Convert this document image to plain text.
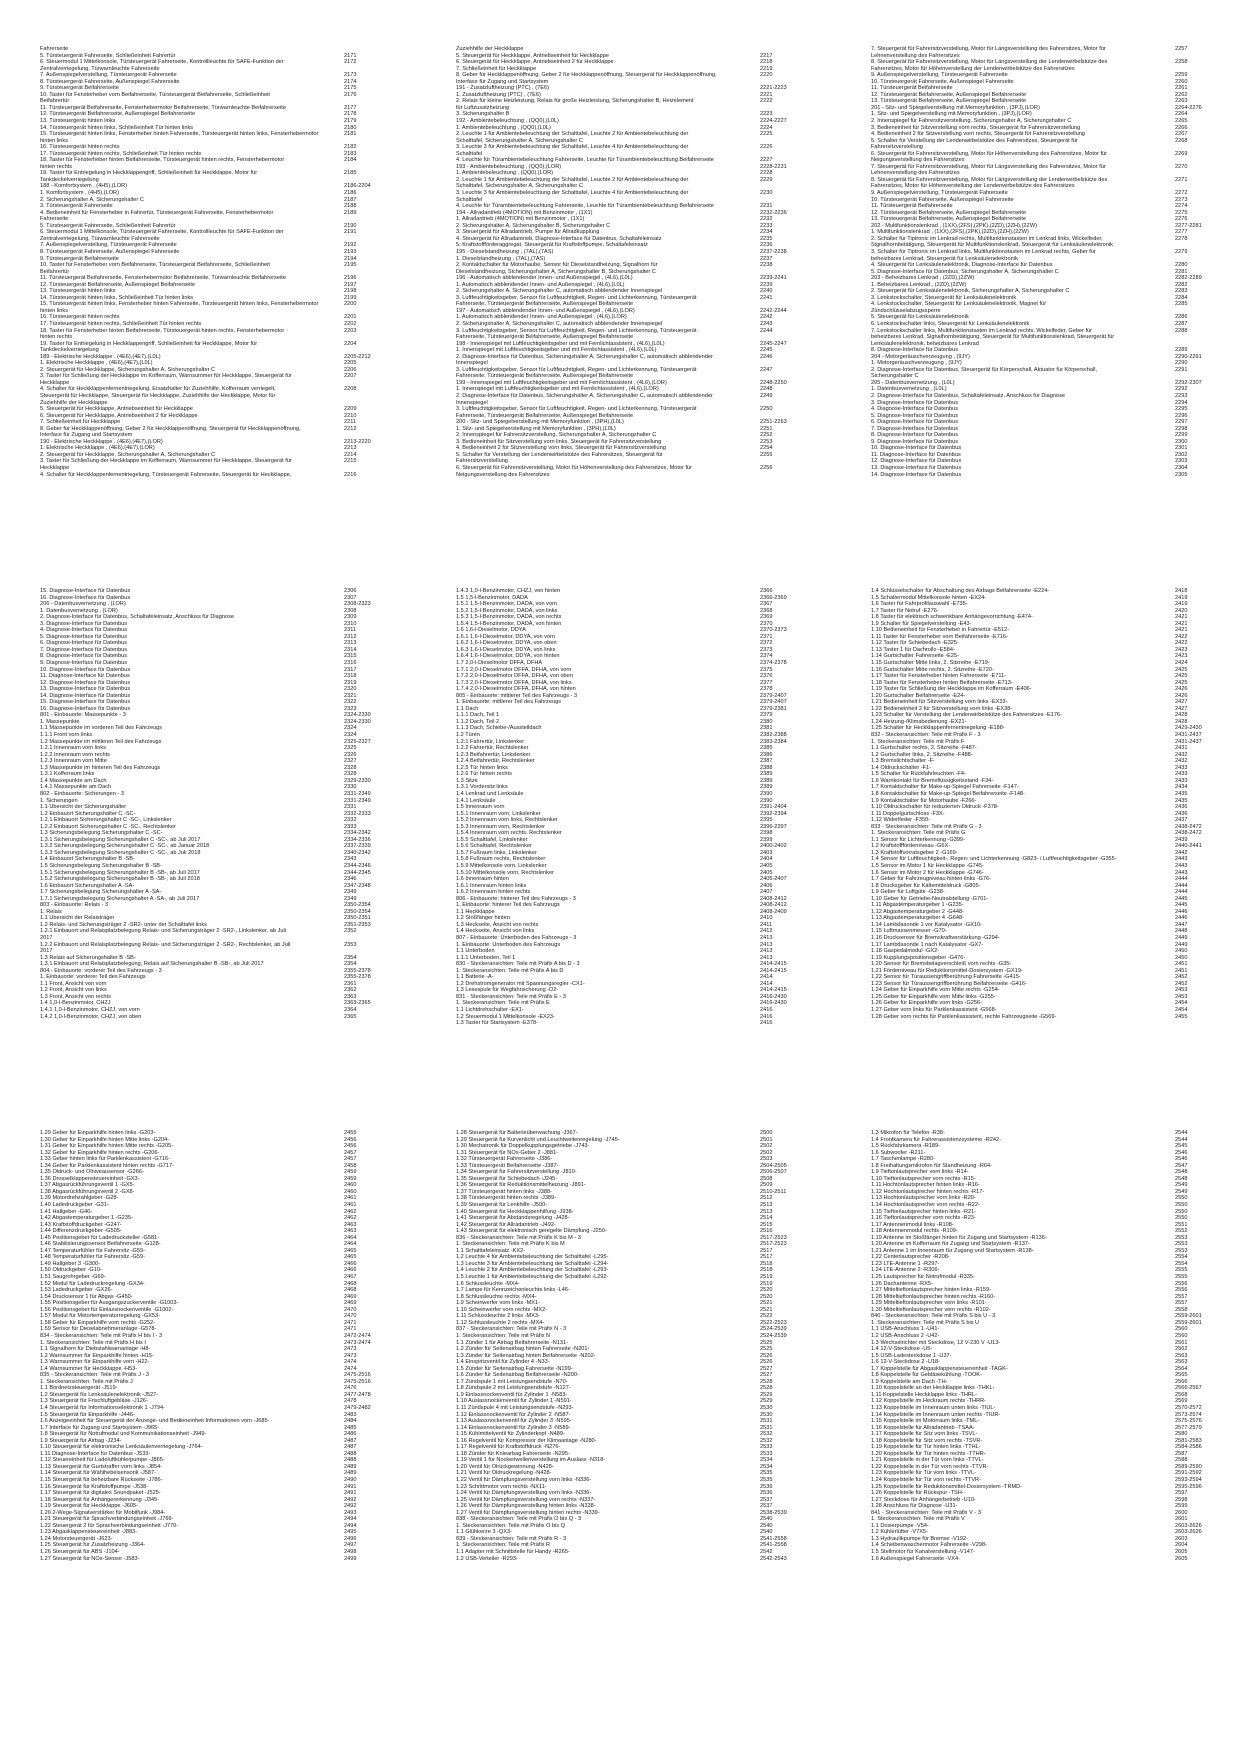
Fahrerseite
5. Türsteuergerät Fahrerseite, Schließeinheit Fahrertür	2171
6. Steuermodul 1 Mittelkonsole, Türsteuergerät Fahrerseite, Kontrollleuchte für SAFE-Funktion der	2172
Zentralverriegelung, Türwarnleuchte Fahrerseite
7. Außenspiegelverstellung, Türsteuergerät Fahrerseite	2173
8. Türsteuergerät Fahrerseite, Außenspiegel Fahrerseite	2174
9. Türsteuergerät Beifahrerseite	2175
10. Taster für Fensterheber vorn Beifahrerseite, Türsteuergerät Beifahrerseite, Schließeinheit	2176
Beifahrertür
11. Türsteuergerät Beifahrerseite, Fensterhebermotor Beifahrerseite, Türwarnleuchte Beifahrerseite	2177
12. Türsteuergerät Beifahrerseite, Außenspiegel Beifahrerseite	2178
13. Türsteuergerät hinten links	2179
14. Türsteuergerät hinten links, Schließeinheit Tür hinten links	2180
15. Türsteuergerät hinten links, Fensterheber hinten Fahrerseite, Türsteuergerät hinten links, Fensterhebermotor	2181
hinten links
16. Türsteuergerät hinten rechts	2182
17. Türsteuergerät hinten rechts, Schließeinheit Tür hinten rechts	2183
18. Taster für Fensterheber hinten Beifahrerseite, Türsteuergerät hinten rechts, Fensterhebermotor	2184
hinten rechts
19. Taster für Entriegelung in Heckklappengriff, Schließeinheit für Heckklappe, Motor für	2185
Tankdeckelverriegelung
188 - Komfortsystem , (4H5),(LOR)	2186-2204
1. Komfortsystem , (4H5),(LOR)	2186
2. Sicherungshalter A, Sicherungshalter C	2187
3. Türsteuergerät Fahrerseite	2188
4. Bedieneinheit für Fensterheber in Fahrertür, Türsteuergerät Fahrerseite, Fensterhebermotor	2189
Fahrerseite
5. Türsteuergerät Fahrerseite, Schließeinheit Fahrertür	2190
6. Steuermodul 1 Mittelkonsole, Türsteuergerät Fahrerseite, Kontrollleuchte für SAFE-Funktion der	2191
Zentralverriegelung, Türwarnleuchte Fahrerseite
7. Außenspiegelverstellung, Türsteuergerät Fahrerseite	2192
8. Türsteuergerät Fahrerseite, Außenspiegel Fahrerseite	2193
9. Türsteuergerät Beifahrerseite	2194
10. Taster für Fensterheber vorn Beifahrerseite, Türsteuergerät Beifahrerseite, Schließeinheit	2195
Beifahrertür
11. Türsteuergerät Beifahrerseite, Fensterhebermotor Beifahrerseite, Türwarnleuchte Beifahrerseite	2196
12. Türsteuergerät Beifahrerseite, Außenspiegel Beifahrerseite	2197
13. Türsteuergerät hinten links	2198
14. Türsteuergerät hinten links, Schließeinheit Tür hinten links	2199
15. Türsteuergerät hinten links, Fensterheber hinten Fahrerseite, Türsteuergerät hinten links, Fensterhebermotor	2200
hinten links
16. Türsteuergerät hinten rechts	2201
17. Türsteuergerät hinten rechts, Schließeinheit Tür hinten rechts	2202
18. Taster für Fensterheber hinten Beifahrerseite, Türsteuergerät hinten rechts, Fensterhebermotor	2203
hinten rechts
19. Taster für Entriegelung in Heckklappengriff, Schließeinheit für Heckklappe, Motor für	2204
Tankdeckelverriegelung
189 - Elektrische Heckklappe , (4E6),(4E7),(L0L)	2205-2212
1. Elektrische Heckklappe , (4E6),(4E7),(L0L)	2205
2. Steuergerät für Heckklappe, Sicherungshalter A, Sicherungshalter C	2206
3. Taster für Schließung der Heckklappe im Kofferraum, Warnsummer für Heckklappe, Steuergerät für	2207
Heckklappe
4. Schalter für Heckklappenfernentriegelung, Ersatzhalter für Zuziehhilfe, Kofferraum verriegelt,	2208
Steuergerät für Heckklappe, Steuergerät für Heckklappe, Zuziehhilfe der Heckklappe, Motor für
Zuziehhilfe der Heckklappe
5. Steuergerät für Heckklappe, Antriebseinheit für Heckklappe	2209
6. Steuergerät für Heckklappe, Antriebseinheit 2 für Heckklappe	2210
7. Schließeinheit für Heckklappe	2211
8. Geber für Heckklappenöffnung, Geber 2 für Heckklappenöffnung, Steuergerät für Heckklappenöffnung,	2212
Interface für Zugang und Startsystem
190 - Elektrische Heckklappe , (4E6),(4E7),(LOR)	2213-2220
1. Elektrische Heckklappe , (4E6),(4E7),(LOR)	2213
2. Steuergerät für Heckklappe, Sicherungshalter A, Sicherungshalter C	2214
3. Taster für Schließung der Heckklappe im Kofferraum, Warnsummer für Heckklappe, Steuergerät für	2215
Heckklappe
4. Schalter für Heckklappenfernentriegelung, Türsteuergerät Fahrerseite, Steuergerät für Heckklappe,	2216
Zuziehhilfe der Heckklappe
5. Steuergerät für Heckklappe, Antriebseinheit für Heckklappe	2217
6. Steuergerät für Heckklappe, Antriebseinheit 2 für Heckklappe	2218
7. Schließeinheit für Heckklappe	2219
8. Geber für Heckklappenöffnung, Geber 2 für Heckklappenöffnung, Steuergerät für Heckklappenöffnung,	2220
Interface für Zugang und Startsystem
191 - Zusatzluftheizung (PTC) , (7E6)	2221-2223
1. Zusatzluftheizung (PTC) , (7E6)	2221
2. Relais für kleine Heizleistung, Relais für große Heizleistung, Sicherungshalter B, Heizelement	2222
für Luftzusatzheizung
3. Sicherungshalter B	2223
192 - Ambientebeleuchtung , (QQ0),(L0L)	2224-2227
1. Ambientebeleuchtung , (QQ0),(L0L)	2224
2. Leuchte 1 für Ambientebeleuchtung der Schalttafel, Leuchte 2 für Ambientebeleuchtung der	2225
Schalttafel, Sicherungshalter A, Sicherungshalter C
3. Leuchte 3 für Ambientebeleuchtung der Schalttafel, Leuchte 4 für Ambientebeleuchtung der	2226
Schalttafel
4. Leuchte für Türambientebeleuchtung Fahrerseite, Leuchte für Türambientebeleuchtung Beifahrerseite	2227
193 - Ambientebeleuchtung , (QQ0),(LOR)	2228-2231
1. Ambientebeleuchtung , (QQ0),(LOR)	2228
2. Leuchte 1 für Ambientebeleuchtung der Schalttafel, Leuchte 2 für Ambientebeleuchtung der	2229
Schalttafel, Sicherungshalter A, Sicherungshalter C
3. Leuchte 3 für Ambientebeleuchtung der Schalttafel, Leuchte 4 für Ambientebeleuchtung der	2230
Schalttafel
4. Leuchte für Türambientebeleuchtung Fahrerseite, Leuchte für Türambientebeleuchtung Beifahrerseite	2231
194 - Allradantrieb (4MOTION) mit Benzinmotor , (1X1)	2232-2236
1. Allradantrieb (4MOTION) mit Benzinmotor , (1X1)	2232
2. Sicherungshalter A, Sicherungshalter B, Sicherungshalter C	2233
3. Steuergerät für Allradantrieb, Pumpe für Allradkupplung	2234
4. Steuergerät für Allradantrieb, Diagnose-Interface für Datenbus, Schaltafeleinsatz	2235
5. Kraftstoffförderaggregat, Steuergerät für Kraftstoffpumpe, Schaltafeleinsatz	2236
195 - Dieselstandheizung , (7AL),(7AS)	2237-2238
1. Dieselstandheizung , (7AL),(7AS)	2237
2. Kontaktschalter für Motorhaube, Sensor für Dieselstandheizung, Signalhorn für	2238
Dieselstandheizung, Sicherungshalter A, Sicherungshalter B, Sicherungshalter C
196 - Automatisch abblendender Innen- und Außenspiegel , (4L6),(L0L)	2239-2241
1. Automatisch abblendender Innen- und Außenspiegel , (4L6),(L0L)	2239
2. Sicherungshalter A, Sicherungshalter C, automatisch abblendender Innenspiegel	2240
3. Luftfeuchtigkeitsgeber, Sensor für Luftfeuchtigkeit, Regen- und Lichterkennung, Türsteuergerät	2241
Fahrerseite, Türsteuergerät Beifahrerseite, Außenspiegel Beifahrerseite
197 - Automatisch abblendender Innen- und Außenspiegel , (4L6),(LOR)	2242-2244
1. Automatisch abblendender Innen- und Außenspiegel , (4L6),(LOR)	2242
2. Sicherungshalter A, Sicherungshalter C, automatisch abblendender Innenspiegel	2243
3. Luftfeuchtigkeitsgeber, Sensor für Luftfeuchtigkeit, Regen- und Lichterkennung, Türsteuergerät	2244
Fahrerseite, Türsteuergerät Beifahrerseite, Außenspiegel Beifahrerseite
198 - Innenspiegel mit Luftfeuchtigkeitsgeber und mit Fernlichtassistent , (4L6),(L0L)	2245-2247
1. Innenspiegel mit Luftfeuchtigkeitsgeber und mit Fernlichtassistent , (4L6),(L0L)	2245
2. Diagnose-Interface für Datenbus, Sicherungshalter A, Sicherungshalter C, automatisch abblendender	2246
Innenspiegel
3. Luftfeuchtigkeitsgeber, Sensor für Luftfeuchtigkeit, Regen- und Lichterkennung, Türsteuergerät	2247
Fahrerseite, Türsteuergerät Beifahrerseite, Außenspiegel Beifahrerseite
199 - Innenspiegel mit Luftfeuchtigkeitsgeber und mit Fernlichtassistent , (4L6),(LOR)	2248-2250
1. Innenspiegel mit Luftfeuchtigkeitsgeber und mit Fernlichtassistent , (4L6),(LOR)	2248
2. Diagnose-Interface für Datenbus, Sicherungshalter A, Sicherungshalter C, automatisch abblendender	2249
Innenspiegel
3. Luftfeuchtigkeitsgeber, Sensor für Luftfeuchtigkeit, Regen- und Lichterkennung, Türsteuergerät	2250
Fahrerseite, Türsteuergerät Beifahrerseite, Außenspiegel Beifahrerseite
200 - Sitz- und Spiegelverstellung mit Memoryfunktion , (3PH),(L0L)	2251-2263
1. Sitz- und Spiegelverstellung mit Memoryfunktion , (3PH),(L0L)	2251
2. Innenspiegel für Fahrersitzverstellung, Sicherungshalter A, Sicherungshalter C	2252
3. Bedieneinheit für Sitzverstellung vorn links, Steuergerät für Fahrersitzverstellung	2253
4. Bedieneinheit 2 für Sitzverstellung vorn links, Steuergerät für Fahrersitzverstellung	2254
5. Schalter für Verstellung der Lendenwirbelstütze des Fahrersitzes, Steuergerät für	2255
Fahrersitzverstellung
6. Steuergerät für Fahrersitzverstellung, Motor für Höhenverstellung des Fahrersitzes, Motor für	2256
Neigungsverstellung des Fahrersitzes
7. Steuergerät für Fahrersitzverstellung, Motor für Längsverstellung des Fahrersitzes, Motor für	2257
Lehnenverstellung des Fahrersitzes
8. Steuergerät für Fahrersitzverstellung, Motor für Längsverstellung der Lendenwirbelstütze des	2258
Fahrersitzes, Motor für Höhenverstellung der Lendenwirbelstütze des Fahrersitzes
9. Außenspiegelverstellung, Türsteuergerät Fahrerseite	2259
10. Türsteuergerät Fahrerseite, Außenspiegel Fahrerseite	2260
11. Türsteuergerät Beifahrerseite	2261
12. Türsteuergerät Beifahrerseite, Außenspiegel Beifahrerseite	2262
13. Türsteuergerät Beifahrerseite, Außenspiegel Beifahrerseite	2263
201 - Sitz- und Spiegelverstellung mit Memoryfunktion , (3PJ),(LOR)	2264-2276
1. Sitz- und Spiegelverstellung mit Memoryfunktion , (3PJ),(LOR)	2264
2. Innenspiegel für Fahrersitzverstellung, Sicherungshalter A, Sicherungshalter C	2265
3. Bedieneinheit für Sitzverstellung vorn rechts, Steuergerät für Fahrersitzverstellung	2266
4. Bedieneinheit 2 für Sitzverstellung vorn rechts, Steuergerät für Fahrersitzverstellung	2267
5. Schalter für Verstellung der Lendenwirbelstütze des Fahrersitzes, Steuergerät für	2268
Fahrersitzverstellung
6. Steuergerät für Fahrersitzverstellung, Motor für Höhenverstellung des Fahrersitzes, Motor für	2269
Neigungsverstellung des Fahrersitzes
7. Steuergerät für Fahrersitzverstellung, Motor für Längsverstellung des Fahrersitzes, Motor für	2270
Lehnenverstellung des Fahrersitzes
8. Steuergerät für Fahrersitzverstellung, Motor für Längsverstellung der Lendenwirbelstütze des	2271
Fahrersitzes, Motor für Höhenverstellung der Lendenwirbelstütze des Fahrersitzes
9. Außenspiegelverstellung, Türsteuergerät Fahrerseite	2272
10. Türsteuergerät Fahrerseite, Außenspiegel Fahrerseite	2273
11. Türsteuergerät Beifahrerseite	2274
12. Türsteuergerät Beifahrerseite, Außenspiegel Beifahrerseite	2275
13. Türsteuergerät Beifahrerseite, Außenspiegel Beifahrerseite	2276
202 - Multifunktionslenkrad , (1XX),(2FS),(2PK),(2ZD),(2ZH),(2ZW)	2277-2281
1. Multifunktionslenkrad , (1XX),(2FS),(2PK),(2ZD),(2ZH),(2ZW)	2277
2. Schalter für Tiptronic im Lenkrad rechts, Multifunktionstasten im Lenkrad links, Wickelfeder,	2278
Signalhornbetätigung, Steuergerät für Multifunktionslenkrad, Steuergerät für Lenksäulenelektronik
3. Schalter für Tiptronic im Lenkrad links, Multifunktionstasten im Lenkrad rechts, Geber für	2279
beheizbares Lenkrad, Steuergerät für Lenksäulenelektronik
4. Steuergerät für Lenksäulenelektronik, Diagnose-Interface für Datenbus	2280
5. Diagnose-Interface für Datenbus, Sicherungshalter A, Sicherungshalter C	2281
203 - Beheizbares Lenkrad , (2ZD),(2ZW)	2282-2289
1. Beheizbares Lenkrad , (2ZD),(2ZW)	2282
2. Steuergerät für Lenksäulenelektronik, Sicherungshalter A, Sicherungshalter C	2283
3. Lenkstockschalter, Steuergerät für Lenksäulenelektronik	2284
4. Lenkstockschalter, Steuergerät für Lenksäulenelektronik, Magnet für	2285
Zündschlüsselabzugssperre
5. Steuergerät für Lenksäulenelektronik	2286
6. Lenkstockschalter links, Steuergerät für Lenksäulenelektronik	2287
7. Lenkstockschalter links, Multifunktionstasten im Lenkrad rechts, Wickelfeder, Geber für	2288
beheizbares Lenkrad, Signalhornbetätigung, Steuergerät für Multifunktionslenkrad, Steuergerät für
Lenksäulenelektronik, beheizbares Lenkrad
8. Diagnose-Interface für Datenbus	2289
204 - Motorgeräuschverzeugung , (9JY)	2290-2291
1. Motorgeräuschverzeugung , (9JY)	2290
2. Diagnose-Interface für Datenbus, Steuergerät für Körperschall, Aktuator für Körperschall,	2291
Sicherungshalter C
205 - Datenbusvernetzung , (L0L)	2292-2307
1. Datenbusvernetzung , (L0L)	2292
2. Diagnose-Interface für Datenbus, Schaltafeleinsatz, Anschluss für Diagnose	2293
3. Diagnose-Interface für Datenbus	2294
4. Diagnose-Interface für Datenbus	2295
5. Diagnose-Interface für Datenbus	2296
6. Diagnose-Interface für Datenbus	2297
7. Diagnose-Interface für Datenbus	2298
8. Diagnose-Interface für Datenbus	2299
9. Diagnose-Interface für Datenbus	2300
10. Diagnose-Interface für Datenbus	2301
11. Diagnose-Interface für Datenbus	2302
12. Diagnose-Interface für Datenbus	2303
13. Diagnose-Interface für Datenbus	2304
14. Diagnose-Interface für Datenbus	2305
15. Diagnose-Interface für Datenbus	2306
16. Diagnose-Interface für Datenbus	2307
206 - Datenbusvernetzung , (LOR)	2308-2323
1. Datenbusvernetzung , (LOR)	2308
2. Diagnose-Interface für Datenbus, Schaltafeleinsatz, Anschluss für Diagnose	2309
3. Diagnose-Interface für Datenbus	2310
4. Diagnose-Interface für Datenbus	2311
5. Diagnose-Interface für Datenbus	2312
6. Diagnose-Interface für Datenbus	2313
7. Diagnose-Interface für Datenbus	2314
8. Diagnose-Interface für Datenbus	2315
9. Diagnose-Interface für Datenbus	2316
10. Diagnose-Interface für Datenbus	2317
11. Diagnose-Interface für Datenbus	2318
12. Diagnose-Interface für Datenbus	2319
13. Diagnose-Interface für Datenbus	2320
14. Diagnose-Interface für Datenbus	2321
15. Diagnose-Interface für Datenbus	2322
16. Diagnose-Interface für Datenbus	2323
801 - Einbauorte: Massepunkte - 3	2324-2330
1. Massepunkte	2324-2330
1.1 Massepunkte im vorderen Teil des Fahrzeugs	2324
1.1.1 Front vorn links	2324
1.2 Massepunkte im mittleren Teil des Fahrzeugs	2325-2327
1.2.1 Innenraum vorn links	2325
1.2.2 Innenraum vorn rechts	2326
1.2.3 Innenraum vorn Mitte	2327
1.3 Massepunkte im hinteren Teil des Fahrzeugs	2328
1.3.1 Kofferraum links	2328
1.4 Massepunkte am Dach	2329-2330
1.4.1 Massepunkte am Dach	2330
802 - Einbauorte: Sicherungen - 3	2331-2349
1. Sicherungen	2331-2349
1.1 Übersicht der Sicherungshalter	2331
1.2 Einbauort Sicherungshalter C -SC-	2332-2333
1.2.1 Einbauort Sicherungshalter C -SC-, Linkslenker	2332
1.2.2 Einbauort Sicherungshalter C -SC-, Rechtslenker	2333
1.3 Sicherungsbelegung Sicherungshalter C -SC-	2334-2342
1.3.1 Sicherungsbelegung Sicherungshalter C -SC-, ab Juli 2017	2334-2336
1.3.2 Sicherungsbelegung Sicherungshalter C -SC-, ab Januar 2018	2337-2339
1.3.3 Sicherungsbelegung Sicherungshalter C -SC-, ab Juli 2018	2340-2342
1.4 Einbauort Sicherungshalter B -SB-	2343
1.5 Sicherungsbelegung Sicherungshalter B -SB-	2344-2346
1.5.1 Sicherungsbelegung Sicherungshalter B -SB-, ab Juli 2017	2344-2345
1.5.2 Sicherungsbelegung Sicherungshalter B -SB-, ab Juli 2018	2346
1.6 Einbauort Sicherungshalter A -SA-	2347-2348
1.7 Sicherungsbelegung Sicherungshalter A -SA-	2349
1.7.1 Sicherungsbelegung Sicherungshalter A -SA-, ab Juli 2017	2349
803 - Einbauorte: Relais - 3	2350-2354
1. Relais	2350-2354
1.1 Übersicht der Relaisträger	2350-2351
1.2 Relais- und Sicherungsträger 2 -SR2- unter der Schalttafel links	2351-2353
1.2.1 Einbauort und Relaisplatzbelegung Relais- und Sicherungsträger 2 -SR2-, Linkslenker, ab Juli	2352
2017
1.2.2 Einbauort und Relaisplatzbelegung Relais- und Sicherungsträger 2 -SR2-, Rechtslenker, ab Juli	2353
2017
1.3 Relais auf Sicherungshalter B -SB-	2354
1.3.1 Einbauort und Relaisplatzbelegung, Relais auf Sicherungshalter B -SB-, ab Juli 2017	2354
804 - Einbauorte: vorderer Teil des Fahrzeugs - 3	2355-2378
1. Einbauorte: vorderer Teil des Fahrzeugs	2355-2378
1.1 Front, Ansicht von vorn	2361
1.2 Front, Ansicht von links	2362
1.3 Front, Ansicht von rechts	2363
1.4 1,0-l-Benzinmotor, CHZJ	2363-2365
1.4.1 1,0-l-Benzinmotor, CHZJ, von vorn	2364
1.4.2 1,0-l-Benzinmotor, CHZJ, von oben	2365
1.4.3 1,0-l-Benzinmotor, CHZJ, von hinten	2366
1.5 1,5-l-Benzinmotor, DADA	2366-2369
1.5.1 1,5-l-Benzinmotor, DADA, von vorn	2367
1.5.2 1,5-l-Benzinmotor, DADA, von links	2368
1.5.3 1,5-l-Benzinmotor, DADA, von rechts	2369
1.5.4 1,5-l-Benzinmotor, DADA, von hinten	2370
1.6 1,6-l-Dieselmotor, DDYA	2370-2373
1.6.1 1,6-l-Dieselmotor, DDYA, von vorn	2371
1.6.2 1,6-l-Dieselmotor, DDYA, von oben	2372
1.6.3 1,6-l-Dieselmotor, DDYA, von links	2373
1.6.4 1,6-l-Dieselmotor, DDYA, von hinten	2374
1.7 2,0-l-Dieselmotor DFFA, DFHA	2374-2378
1.7.1 2,0-l-Dieselmotor DFFA, DFHA, von vorn	2375
1.7.2 2,0-l-Dieselmotor DFFA, DFHA, von oben	2376
1.7.3 2,0-l-Dieselmotor DFFA, DFHA, von links	2377
1.7.4 2,0-l-Dieselmotor DFFA, DFHA, von hinten	2378
805 - Einbauorte: mittlerer Teil des Fahrzeugs - 3	2379-2407
1. Einbauorte: mittlerer Teil des Fahrzeugs	2379-2407
1.1 Dach	2379-2381
1.1.1 Dach, Teil 1	2379
1.1.2 Dach, Teil 2	2380
1.1.3 Dach, Schiebe-/Ausstelldach	2381
1.2 Türen	2382-2388
1.2.1 Fahrertür, Linkslenker	2383-2384
1.2.2 Fahrertür, Rechtslenker	2385
1.2.3 Beifahrertür, Linkslenker	2386
1.2.4 Beifahrertür, Rechtslenker	2387
1.2.5 Tür hinten links	2388
1.2.6 Tür hinten rechts	2389
1.3 Sitze	2389
1.3.1 Vordersitz links	2389
1.4 Lenkrad und Lenksäule	2390
1.4.1 Lenksäule	2390
1.5 Innenraum vorn	2391-2404
1.5.1 Innenraum vorn, Linkslenker	2392-2394
1.5.2 Innenraum vorn links, Rechtslenker	2395
1.5.3 Innenraum vorn, Rechtslenker	2396-2397
1.5.4 Innenraum vorn rechts, Rechtslenker	2398
1.5.5 Schalttafel, Linkslenker	2399
1.5.6 Schalttafel, Rechtslenker	2400-2402
1.5.7 Fußraum links, Linkslenker	2403
1.5.8 Fußraum rechts, Rechtslenker	2404
1.5.9 Mittelkonsole vorn, Linkslenker	2405
1.5.10 Mittelkonsole vorn, Rechtslenker	2405
1.6 Innenraum hinten	2405-2407
1.6.1 Innenraum hinten links	2406
1.6.2 Innenraum hinten rechts	2407
806 - Einbauorte: hinterer Teil des Fahrzeugs - 3	2408-2412
1. Einbauorte: hinterer Teil des Fahrzeugs	2408-2412
1.1 Heckklappe	2408-2409
1.2 Stoßfänger hinten	2410
1.3 Heckseite, Ansicht von rechts	2411
1.4 Heckseite, Ansicht von links	2412
807 - Einbauorte: Unterboden des Fahrzeugs - 3	2413
1. Einbauorte: Unterboden des Fahrzeugs	2413
1.1 Unterboden	2413
1.1.1 Unterboden, Teil 1	2413
830 - Steckeransichten: Teile mit Präfix A bis D - 3	2414-2415
1. Steckeransichten: Teile mit Präfix A bis D	2414-2415
1.1 Batterie -A-	2414
1.2 Drehstromgenerator mit Spannungsregler -CX1-	2414
1.3 Lesespule für Wegfahrsicherung -D2-	2414-2415
831 - Steckeransichten: Teile mit Präfix E - 3	2416-2430
1. Steckeransichten: Teile mit Präfix E	2416-2430
1.1 Lichtdrehschalter -EX1-	2416
1.2 Steuermodul 1 Mittelkonsole -EX23-	2416
1.3 Taster für Startsystem -E378-	2416
1.4 Schlüsselschalter für Abschaltung des Airbags Beifahrerseite -E224-	2418
1.5 Schaltermodul Mittelkonsole hinten -EX24-	2419
1.6 Taster für Fahrprofilauswahl -E735-	2419
1.7 Taster für Notruf -E276-	2420
1.8 Taster für elektrisch schwenkbare Anhängevorrichtung -E474-	2421
1.9 Schalter für Spiegelverstellung -E43-	2421
1.10 Bedieneinheit für Fensterheber in Fahrertür -E512-	2421
1.11 Taster für Fensterheber vorn Beifahrerseite -E716-	2422
1.12 Taster für Schiebedach -E325-	2422
1.13 Taster 1 für Dachrollo -E584-	2423
1.14 Gurtschalter Fahrerseite -E25-	2423
1.15 Gurtschalter Mitte links, 2. Sitzreihe -E719-	2424
1.16 Gurtschalter Mitte rechts, 2. Sitzreihe -E720-	2425
1.17 Taster für Fensterheber hinten Fahrerseite -E711-	2425
1.18 Taster für Fensterheber hinten Beifahrerseite -E713-	2425
1.19 Taster für Schließung der Heckklappe im Kofferraum -E406-	2426
1.20 Gurtschalter Beifahrerseite -E24-	2426
1.21 Bedieneinheit für Sitzverstellung vorn links -EX33-	2427
1.22 Bedieneinheit 2 für Sitzverstellung vorn links -EX38-	2427
1.23 Schalter für Verstellung der Lendenwirbelstütze des Fahrersitzes -E176-	2428
1.24 Heizung-/Klimabedienung -EX21-	2428
1.25 Schalter für Heckklappenfernentriegelung -E188-	2429-2430
832 - Steckeransichten: Teile mit Präfix F - 3	2431-2437
1. Steckeransichten: Teile mit Präfix F	2431-2437
1.1 Gurtschalter rechts, 2. Sitzreihe -F487-	2431
1.2 Gurtschalter links, 2. Sitzreihe -F488-	2432
1.3 Bremslichtschalter -F-	2432
1.4 Öldruckschalter -F1-	2433
1.5 Schalter für Rückfahrleuchten -F4-	2433
1.6 Warnkontakt für Bremsflüssigkeitsstand -F34-	2433
1.7 Kontaktschalter für Make-up-Spiegel Fahrerseite -F147-	2434
1.8 Kontaktschalter für Make-up-Spiegel Beifahrerseite -F148-	2435
1.9 Kontaktschalter für Motorhaube -F266-	2435
1.10 Öldruckschalter für reduzierten Öldruck -F378-	2436
1.11 Doppelgurtschloss -F3X-	2436
1.12 Widerlfeder -F350-	2437
833 - Steckeransichten: Teile mit Präfix G - 3	2438-2472
1. Steckeransichten: Teile mit Präfix G	2438-2472
1.1 Sensor für Lichterkennung -G399-	2439
1.2 Kraftstoffförderniveau -G6X-	2440-2441
1.3 Kraftstoffvorratsgeber 2 -G169-	2442
1.4 Sensor für Luftfeuchtigkeit-, Regen- und Lichterkennung -G823- / Luftfeuchtigkeitsgeber -G355-	2443
1.5 Sensor im Motor 1 für Heckklappe -G745-	2443
1.6 Sensor im Motor 2 für Heckklappe -G746-	2443
1.7 Geber für Fahrzeugniveau hinten links -G76-	2444
1.8 Drucksgeber für Kältemitteldruck -G805-	2444
1.9 Geber für Luftgüte -G238-	2444
1.10 Geber für Getriebe-Neutralstellung -G701-	2445
1.11 Abgastemperaturgeber 1 -G235-	2445
1.12 Abgastemperaturgeber 2 -G448-	2446
1.13 Abgastemperaturgeber 4 -G648-	2446
1.14 Lambdasonde 1 vor Katalysator -GX10-	2447
1.15 Luftmassenmesser -G70-	2448
1.16 Drucksensor für Bremskraftverstärkung -G294-	2449
1.17 Lambdasonde 1 nach Katalysator -GX7-	2449
1.18 Gaspedalmodul -GX2-	2450
1.19 Kupplungspositionsgeber -G476-	2450
1.20 Sensor für Bremsbelagverschleiß vorn rechts -G35-	2451
1.21 Förderniveau für Reduktionsmittel-Dosiersystem -GX19-	2451
1.22 Sensor für Türaussengriffberührung Fahrerseite -G415-	2452
1.23 Sensor für Türaussengriffberührung Beifahrerseite -G416-	2452
1.24 Geber für Einparkhilfe vorn Mitte rechts -G254-	2453
1.25 Geber für Einparkhilfe vorn Mitte links -G255-	2453
1.26 Geber für Einparkhilfe vorn links -G256-	2454
1.27 Geber vorn links für Parklenkassistent -G568-	2454
1.28 Geber vorn rechts für Parklenkassistent, rechte Fahrzeugseite -G569-	2455
1.29 Geber für Einparkhilfe hinten links -G203-	2455
1.30 Geber für Einparkhilfe hinten Mitte links -G204-	2456
1.31 Geber für Einparkhilfe hinten Mitte rechts -G205-	2456
1.32 Geber für Einparkhilfe hinten rechts -G206-	2457
1.33 Geber hinten links für Parklenkassistent -G716-	2457
1.34 Geber für Parklenkassistent hinten rechts -G717-	2458
1.35 Öldruck- und Ölniveausensor -G266-	2459
1.36 Drosselklappensteuereinheit -GX3-	2459
1.37 Abgasrückführungsventil 1 -GX5-	2460
1.38 Abgasrückführungsventil 2 -GX8-	2460
1.39 Motordrehzahlgeber -G28-	2461
1.40 Ladedruckgeber -G31-	2461
1.41 Hallgeber -G40-	2462
1.42 Abgastemperaturgeber 1 -G235-	2462
1.43 Kraftstoffdruckgeber -G247-	2463
1.44 Differenzdruckgeber -G505-	2463
1.45 Positionsgeber für Ladedrucksteller -G581-	2464
1.46 Stabilisierungssensor Beifahrerseite -G128-	2464
1.47 Temperaturfühler für Fahrersitz -G59-	2465
1.48 Temperaturfühler für Fahrersitz -G59-	2465
1.49 Hallgeber 3 -G300-	2466
1.50 Öldruckgeber -G10-	2466
1.51 Saugrohrgeber -G69-	2467
1.52 Modul für Ladedruckregelung -GX34-	2468
1.53 Ladedruckgeber -GX26-	2468
1.54 Drucksensor 1 für Abgas -G450-	2469
1.55 Positionsgeber für Ausgangszuckerventile -G1003-	2469
1.56 Positionsgeber für Einlassnockenventile -G1002-	2470
1.57 Modul für Motortemperaturregelung -GX53-	2470
1.58 Geber für Einparkhilfe vorn rechts -G252-	2471
1.59 Sensor für Dieselabnehmeranlage -G578-	2471
834 - Steckeransichten: Teile mit Präfix H bis I - 3	2472-2474
1. Steckeransichten: Teile mit Präfix H bis I	2473-2474
1.1 Signalhorn für Diebstahlwarnanlage -H8-	2473
1.2 Warnsummer für Einparkhilfe hinten -H15-	2473
1.3 Warnsummer für Einparkhilfe vorn -H22-	2474
1.4 Warnsummer für Heckklappe -H53-	2474
835 - Steckeransichten: Teile mit Präfix J - 3	2475-2516
1. Steckeransichten: Teile mit Präfix J	2475-2516
1.1 Bordnetzsteuergerät -J519-	2476
1.2 Steuergerät für Lenksäulenelektronik -J527-	2477-2478
1.3 Steuergerät für Frischluftgebläse -J126-	2478
1.4 Steuergerät für Informationselektronik 1 -J794-	2479-2482
1.5 Steuergerät für Einparkhilfe -J446-	2483
1.6 Anzeigeeinheit für Steuergerät der Anzeige- und Bedieneinheit Informationen vorn -J685-	2484
1.7 Interface für Zugang und Startsystem -J965-	2485
1.8 Steuergerät für Notrufmodul und Kommunikationseinheit -J949-	2486
1.9 Steuergerät für Airbag -J234-	2487
1.10 Steuergerät für elektronische Lenksäulenverriegelung -J764-	2487
1.11 Diagnose-Interface für Datenbus -J533-	2488
1.12 Steuereinheit für Ladeluftkühlerpumpe -J865-	2488
1.13 Steuergerät für Gurtstraffer vorn links -J854-	2489
1.14 Steuergerät für Wählhebelsensorik -J587-	2489
1.15 Steuergerät für beheizbare Rückseite -J786-	2490
1.16 Steuergerät für Kraftstoffpumpe -J538-	2491
1.17 Steuergerät für digitales Soundpaket -J525-	2491
1.18 Steuergerät für Anhängererkennung -J345-	2492
1.19 Steuergerät für Heckklappe -J605-	2492
1.20 2-Wege-Signalverstärker für Mobilfunk -J984-	2493
1.21 Steuergerät für Sprachverbindungseinheit -J769-	2494
1.22 Steuergerät 2 für Sprachverbindungseinheit -J770-	2494
1.23 Abgasklappensteuereinheit -J883-	2495
1.24 Motorsteuergerät -J623-	2496
1.25 Steuergerät für Zusatzheizung -J364-	2497
1.26 Steuergerät für ABS -J104-	2498
1.27 Steuergerät für NOx-Sensor -J583-	2499
1.28 Steuergerät für Batterieüberwachung -J367-	2500
1.29 Steuergerät für Kurvenlicht und Leuchtweitenregelung -J745-	2501
1.30 Mechatronik für Doppelkupplungsgetriebe -J743-	2502
1.31 Steuergerät für NOx-Geber 2 -J881-	2502
1.32 Türsteuergerät Fahrerseite -J386-	2503
1.33 Türsteuergerät Beifahrerseite -J387-	2504-2505
1.34 Steuergerät für Fahrersitzverstellung -J810-	2506-2507
1.35 Steuergerät für Schiebedach -J245-	2508
1.36 Steuergerät für Reduktionsmittelheizung -J891-	2509
1.37 Türsteuergerät hinten links -J388-	2510-2511
1.38 Türsteuergerät hinten rechts -J389-	2512
1.39 Steuergerät für Lenkhilfe -J500-	2513
1.40 Steuergerät für Heckklappenhilfung -J938-	2513
1.41 Steuergerät für Abstandsregelung -J428-	2514
1.42 Steuergerät für Allradantrieb -J492-	2515
1.43 Steuergerät für elektronisch geregelte Dämpfung -J250-	2516
836 - Steckeransichten: Teile mit Präfix K bis M - 3	2517-2523
1. Steckeransichten: Teile mit Präfix K bis M	2517-2523
1.1 Schalttafeleinsatz -KX2-	2517
1.2 Leuchte 4 für Ambientebeleuchtung der Schalttafel -L295-	2517
1.3 Leuchte 3 für Ambientebeleuchtung der Schalttafel -L294-	2518
1.4 Leuchte 2 für Ambientebeleuchtung der Schalttafel -L293-	2518
1.5 Leuchte 1 für Ambientebeleuchtung der Schalttafel -L292-	2519
1.6 Schlussleuchte -MX4-	2519
1.7 Lampe für Kennzeichenleuchte links -L46-	2520
1.8 Schlussleuchte rechts -MX4-	2520
1.9 Scheinwerfer vorn links -MX1-	2521
1.10 Scheinwerfer vorn rechts -MX2-	2521
1.11 Schlussleuchte 2 links -MX3-	2522
1.12 Schlussleuchte 2 rechts -MX4-	2522-2523
837 - Steckeransichten: Teile mit Präfix N - 3	2524-2539
1. Steckeransichten: Teile mit Präfix N	2524-2539
1.1 Zünder 1 für Airbag Beifahrerseite -N131-	2525
1.2 Zünder für Seitenairbag hinten Fahrerseite -N201-	2525
1.3 Zünder für Seitenairbag hinten Beifahrerseite -N202-	2526
1.4 Einspritzventil für Zylinder 4 -N33-	2526
1.5 Zünder für Seitenairbag Fahrerseite -N199-	2527
1.6 Zünder für Seitenairbag Beifahrerseite -N200-	2527
1.7 Zündspule 1 mit Leistungsendstufe -N70-	2528
1.8 Zündspule 2 mit Leistungsendstufe -N127-	2528
1.9 Einlassnockenventil für Zylinder 1 -N583-	2529
1.10 Auslassnockenventil für Zylinder 1 -N591-	2529
1.11 Zündspule 4 mit Leistungsendstufe -N293-	2530
1.12 Einlassnockenventil für Zylinder 2 -N587-	2530
1.13 Auslassnockenventil für Zylinder 3 -N595-	2531
1.14 Einlassnockenventil für Zylinder 3 -N589-	2531
1.15 Kühlmittelventil für Zylinderkopf -N489-	2532
1.16 Regelventil für Kompressor der Klimaanlage -N280-	2532
1.17 Regelventil für Kraftstoffdruck -N276-	2533
1.18 Zünder für Kniearbag Fahrerseite -N295-	2533
1.19 Ventil 1 für Nockenwellenverstellung im Auslass -N318-	2534
1.20 Ventil für Ölrückgewinnung -N428-	2534
1.21 Ventil für Öldruckregelung -N428-	2535
1.22 Ventil für Dämpfungsverstellung vorn links -N336-	2535
1.23 Schrittmotor vorn rechts -NX11-	2536
1.24 Ventil für Dämpfungsverstellung vorn links -N336-	2536
1.25 Ventil für Dämpfungsverstellung vorn rechts -N337-	2537
1.26 Ventil für Dämpfungsverstellung hinten links -N338-	2537
1.27 Ventil für Dämpfungsverstellung hinten rechts -N339-	2538-2539
838 - Steckeransichten: Teile mit Präfix O bis Q - 3	2540
1. Steckeransichten: Teile mit Präfix O bis Q	2540
1.1 Glühkerze 3 -QX3-	2540
839 - Steckeransichten: Teile mit Präfix R - 3	2541-2558
1. Steckeransichten: Teile mit Präfix R	2541-2558
1.1 Adapter mit Schnittstelle für Handy -R265-	2542
1.2 USB-Verteiler -R293-	2542-2543
1.3 Mikrofon für Telefon -R38-	2544
1.4 Frontkamera für Fahrerassistenzsysteme -R242-	2544
1.5 Rückfahrkamera -R189-	2545
1.6 Subwoofer -R211-	2546
1.7 Taschenlampe -R280-	2546
1.8 Freihaltungsmikrofon für Standheizung -R64-	2547
1.9 Tieftonlautsprecher vorn links -R14-	2548
1.10 Tieftonlautsprecher vorn rechts -R15-	2548
1.11 Hochtonlautsprecher hinten links -R16-	2549
1.12 Hochtonlautsprecher hinten rechts -R17-	2549
1.13 Hochtonlautsprecher vorn links -R20-	2550
1.14 Hochtonlautsprecher vorn rechts -R22-	2550
1.15 Tieftonlautsprecher hinten links -R21-	2550
1.16 Tieftonlautsprecher vorn rechts -R23-	2550
1.17 Antennenmodul links -R108-	2551
1.18 Antennenmodul rechts -R109-	2552
1.19 Antenne im Stoßfänger hinten für Zugang und Startsystem -R136-	2553
1.20 Antenne im Kofferraum für Zugang und Startsystem -R137-	2553
1.21 Antenne 1 im Innenraum für Zugang und Startsystem -R138-	2553
1.22 Centerlautsprecher -R208-	2554
1.23 LTE-Antenne 1 -R297-	2554
1.24 LTE-Antenne 2 -R306-	2555
1.25 Lautsprecher für Notrufmodul -R335-	2555
1.26 Dachantenne -RX5-	2556
1.27 Mitteltieftonlautsprecher hinten links -R159-	2556
1.28 Mitteltieftonlautsprecher hinten rechts -R160-	2557
1.29 Mitteltieftonlautsprecher vorn links -R101-	2557
1.30 Mitteltieftonlautsprecher vorn rechts -R102-	2558
840 - Steckeransichten: Teile mit Präfix S bis U - 3	2559-2601
1. Steckeransichten: Teile mit Präfix S bis U	2559-2601
1.1 USB-Anschluss 1 -U41-	2560
1.2 USB-Anschluss 2 -U42-	2560
1.3 Wechselrichter mit Steckdose, 12 V-230 V -U13-	2561
1.4 12-V-Steckdose -U5-	2562
1.5 USB-Ladesteckdose 1 -U37-	2563
1.6 12-V-Steckdose 2 -U18-	2563
1.7 Koppelstelle für Abgasklappensteuereinheit -TAGK-	2564
1.8 Koppelstelle für Gebläsekühlung -TOOK-	2565
1.9 Koppelstelle am Dach -TH-	2566
1.10 Koppelstelle an der Heckklappe links -THKL-	2566-2567
1.11 Koppelstelle Heckklappe links -THRL-	2568
1.12 Koppelstelle im Heckraum rechts -THRR-	2569
1.13 Koppelstelle im Innenraum unten links -TIUL-	2570-2572
1.14 Koppelstelle im Innenraum unten rechts -TIUR-	2573-2574
1.15 Koppelstelle im Motorraum links -TML-	2575-2576
1.16 Koppelstelle für Allradantrieb -TSAA-	2577-2579
1.17 Koppelstelle für Sitz vorn links -TSVL-	2580
1.18 Koppelstelle für Sitz vorn rechts -TSVR-	2581-2583
1.19 Koppelstelle für Tür hinten links -TTHL-	2584-2586
1.20 Koppelstelle für Tür hinten rechts -TTHR-	2587
1.21 Koppelstelle in der Tür vorn links -TTVL-	2588
1.22 Koppelstelle in der Tür vorn rechts -TTVR-	2589-2590
1.23 Koppelstelle für Tür vorn links -TTVL-	2591-2592
1.24 Koppelstelle für Tür vorn rechts -TTVR-	2593-2594
1.25 Koppelstelle für Reduktionsmittel-Dosiersystem -TRMD-	2595-2596
1.26 Koppelstelle für Rückspur -TSH-	2597
1.27 Steckdose für Anhängerbetrieb -U10-	2598
1.28 Anschluss für Diagnose -U31-	2599
841 - Steckeransichten: Teile mit Präfix V - 3	2600
1. Steckeransichten: Teile mit Präfix V	2601
1.1 Dosierpumpe -V54-	2603-2626
1.2 Kühlerlüfter -V7X5-	2603-2626
1.3 Hydraulikpumpe für Bremse -V192-	2603
1.4 Scheibenwaschermotor Fahrerseite -V298-	2604
1.5 Stellmotor für Kanalverstellung -V147-	2605
1.6 Außenspiegel Fahrerseite -VX4-	2605
